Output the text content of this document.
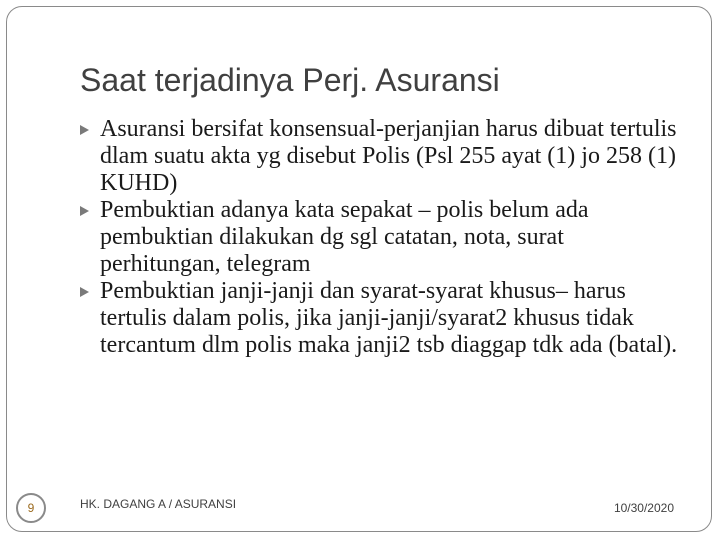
Saat terjadinya Perj. Asuransi
Asuransi bersifat konsensual-perjanjian harus dibuat tertulis dlam suatu akta yg disebut Polis (Psl 255 ayat (1) jo 258 (1) KUHD)
Pembuktian adanya kata sepakat – polis belum ada pembuktian dilakukan dg sgl catatan, nota, surat perhitungan, telegram
Pembuktian janji-janji dan syarat-syarat khusus– harus tertulis dalam polis, jika janji-janji/syarat2 khusus tidak tercantum dlm polis maka janji2 tsb diaggap tdk ada (batal).
9	HK. DAGANG A / ASURANSI	10/30/2020
